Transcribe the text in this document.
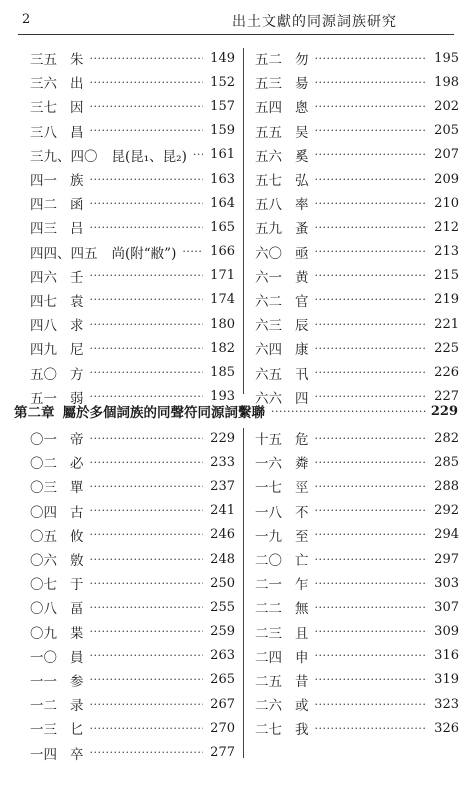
2	出土文獻的同源詞族研究
三五 朱 ·····	149
三六 出 ·····	152
三七 因 ·····	157
三八 昌 ·····	159
三九、四〇 昆(昆₁、昆₂) ····· 161
四一 族 ·····	163
四二 函 ·····	164
四三 吕 ·····	165
四四、四五 尚(附“敝”) ·····	166
四六 壬 ·····	171
四七 袁 ·····	174
四八 求 ·····	180
四九 尼 ·····	182
五〇 方 ·····	185
五一 弱 ·····	193
五二 勿 ·····	195
五三 昜 ·····	198
五四 悤 ·····	202
五五 吴 ·····	205
五六 奚 ·····	207
五七 弘 ·····	209
五八 率 ·····	210
五九 蚤 ·····	212
六〇 亟 ·····	213
六一 黄 ·····	215
六二 官 ·····	219
六三 辰 ·····	221
六四 康 ·····	225
六五 卂 ·····	226
六六 四 ·····	227
第二章 屬於多個詞族的同聲符同源詞繫聯 ·····	229
〇一 帝 ·····	229
〇二 必 ·····	233
〇三 單 ·····	237
〇四 古 ·····	241
〇五 攸 ·····	246
〇六 敫 ·····	248
〇七 于 ·····	250
〇八 畐 ·····	255
〇九 枼 ·····	259
一〇 員 ·····	263
一一 参 ·····	265
一二 录 ·····	267
一三 匕 ·····	270
一四 卒 ·····	277
十五 危 ·····	282
一六 粦 ·····	285
一七 巠 ·····	288
一八 不 ·····	292
一九 至 ·····	294
二〇 亡 ·····	297
二一 乍 ·····	303
二二 無 ·····	307
二三 且 ·····	309
二四 申 ·····	316
二五 昔 ·····	319
二六 或 ·····	323
二七 我 ·····	326
